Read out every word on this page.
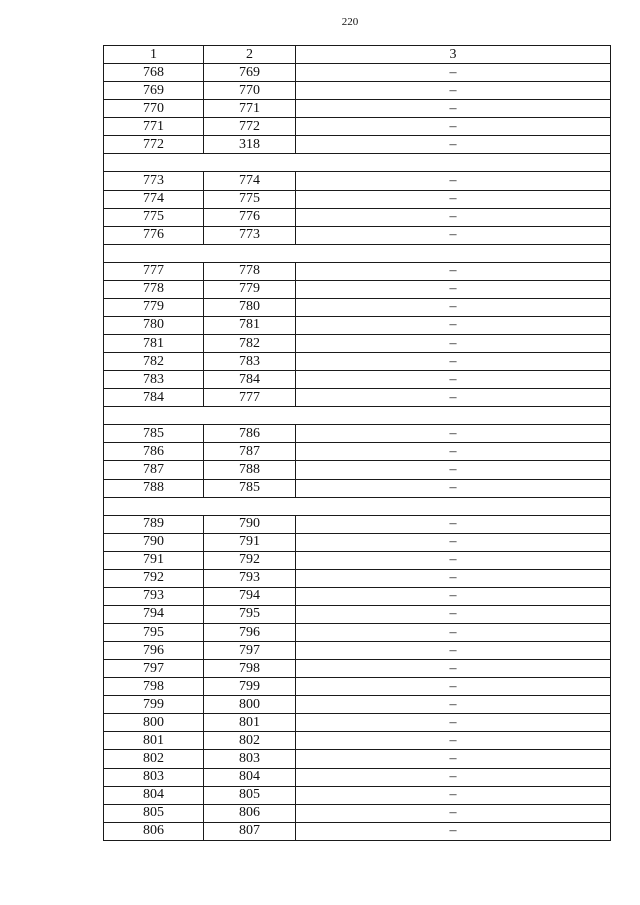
220
1	2	3
768	769	–
769	770	–
770	771	–
771	772	–
772	318	–

773	774	–
774	775	–
775	776	–
776	773	–

777	778	–
778	779	–
779	780	–
780	781	–
781	782	–
782	783	–
783	784	–
784	777	–

785	786	–
786	787	–
787	788	–
788	785	–

789	790	–
790	791	–
791	792	–
792	793	–
793	794	–
794	795	–
795	796	–
796	797	–
797	798	–
798	799	–
799	800	–
800	801	–
801	802	–
802	803	–
803	804	–
804	805	–
805	806	–
806	807	–
